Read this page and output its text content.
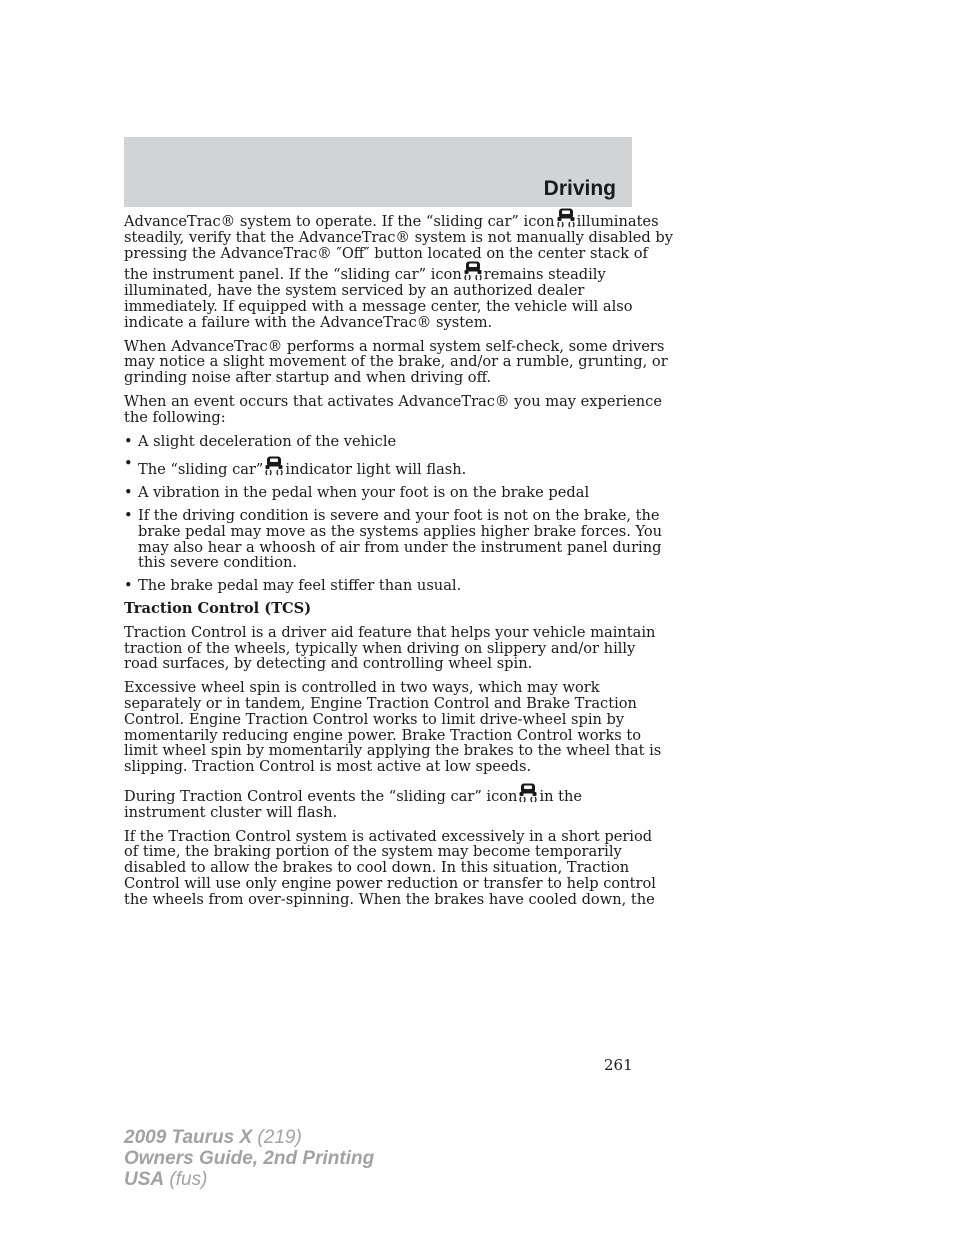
Driving

AdvanceTrac® system to operate. If the “sliding car” icon illuminates
steadily, verify that the AdvanceTrac® system is not manually disabled by
pressing the AdvanceTrac® ″Off″ button located on the center stack of
the instrument panel. If the “sliding car” icon remains steadily
illuminated, have the system serviced by an authorized dealer
immediately. If equipped with a message center, the vehicle will also
indicate a failure with the AdvanceTrac® system.

When AdvanceTrac® performs a normal system self-check, some drivers
may notice a slight movement of the brake, and/or a rumble, grunting, or
grinding noise after startup and when driving off.

When an event occurs that activates AdvanceTrac® you may experience
the following:

• A slight deceleration of the vehicle
• The “sliding car” indicator light will flash.
• A vibration in the pedal when your foot is on the brake pedal
• If the driving condition is severe and your foot is not on the brake, the
brake pedal may move as the systems applies higher brake forces. You
may also hear a whoosh of air from under the instrument panel during
this severe condition.
• The brake pedal may feel stiffer than usual.

Traction Control (TCS)

Traction Control is a driver aid feature that helps your vehicle maintain
traction of the wheels, typically when driving on slippery and/or hilly
road surfaces, by detecting and controlling wheel spin.

Excessive wheel spin is controlled in two ways, which may work
separately or in tandem, Engine Traction Control and Brake Traction
Control. Engine Traction Control works to limit drive-wheel spin by
momentarily reducing engine power. Brake Traction Control works to
limit wheel spin by momentarily applying the brakes to the wheel that is
slipping. Traction Control is most active at low speeds.

During Traction Control events the “sliding car” icon in the
instrument cluster will flash.

If the Traction Control system is activated excessively in a short period
of time, the braking portion of the system may become temporarily
disabled to allow the brakes to cool down. In this situation, Traction
Control will use only engine power reduction or transfer to help control
the wheels from over-spinning. When the brakes have cooled down, the

261
2009 Taurus X (219)
Owners Guide, 2nd Printing
USA (fus)
